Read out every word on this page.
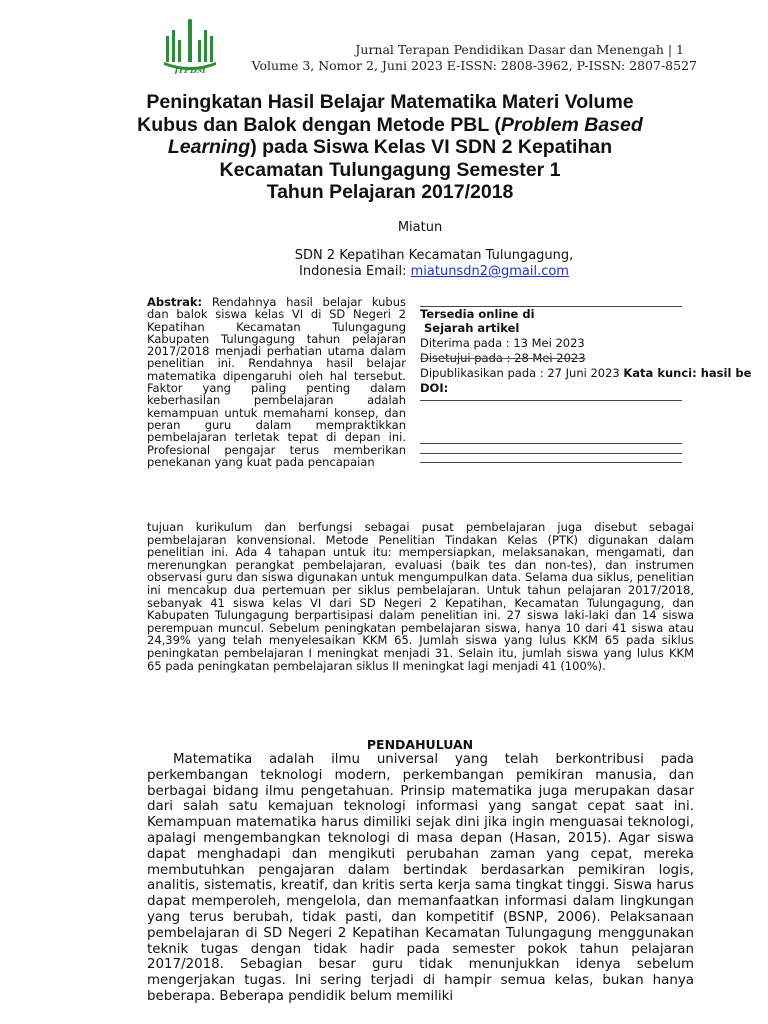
JTPDM
Jurnal Terapan Pendidikan Dasar dan Menengah | 1
Volume 3, Nomor 2, Juni 2023 E-ISSN: 2808-3962, P-ISSN: 2807-8527
Peningkatan Hasil Belajar Matematika Materi Volume Kubus dan Balok dengan Metode PBL (Problem Based Learning) pada Siswa Kelas VI SDN 2 Kepatihan Kecamatan Tulungagung Semester 1
Tahun Pelajaran 2017/2018
Miatun
SDN 2 Kepatihan Kecamatan Tulungagung,
Indonesia Email: miatunsdn2@gmail.com
Abstrak: Rendahnya hasil belajar kubus dan balok siswa kelas VI di SD Negeri 2 Kepatihan Kecamatan Tulungagung Kabupaten Tulungagung tahun pelajaran 2017/2018 menjadi perhatian utama dalam penelitian ini. Rendahnya hasil belajar matematika dipengaruhi oleh hal tersebut. Faktor yang paling penting dalam keberhasilan pembelajaran adalah kemampuan untuk memahami konsep, dan peran guru dalam mempraktikkan pembelajaran terletak tepat di depan ini. Profesional pengajar terus memberikan penekanan yang kuat pada pencapaian
Tersedia online di
Sejarah artikel
Diterima pada : 13 Mei 2023
Disetujui pada : 28 Mei 2023
Dipublikasikan pada : 27 Juni 2023 Kata kunci: hasil be
DOI:
tujuan kurikulum dan berfungsi sebagai pusat pembelajaran juga disebut sebagai pembelajaran konvensional. Metode Penelitian Tindakan Kelas (PTK) digunakan dalam penelitian ini. Ada 4 tahapan untuk itu: mempersiapkan, melaksanakan, mengamati, dan merenungkan perangkat pembelajaran, evaluasi (baik tes dan non-tes), dan instrumen observasi guru dan siswa digunakan untuk mengumpulkan data. Selama dua siklus, penelitian ini mencakup dua pertemuan per siklus pembelajaran. Untuk tahun pelajaran 2017/2018, sebanyak 41 siswa kelas VI dari SD Negeri 2 Kepatihan, Kecamatan Tulungagung, dan Kabupaten Tulungagung berpartisipasi dalam penelitian ini. 27 siswa laki-laki dan 14 siswa perempuan muncul. Sebelum peningkatan pembelajaran siswa, hanya 10 dari 41 siswa atau 24,39% yang telah menyelesaikan KKM 65. Jumlah siswa yang lulus KKM 65 pada siklus peningkatan pembelajaran I meningkat menjadi 31. Selain itu, jumlah siswa yang lulus KKM 65 pada peningkatan pembelajaran siklus II meningkat lagi menjadi 41 (100%).
PENDAHULUAN
Matematika adalah ilmu universal yang telah berkontribusi pada perkembangan teknologi modern, perkembangan pemikiran manusia, dan berbagai bidang ilmu pengetahuan. Prinsip matematika juga merupakan dasar dari salah satu kemajuan teknologi informasi yang sangat cepat saat ini. Kemampuan matematika harus dimiliki sejak dini jika ingin menguasai teknologi, apalagi mengembangkan teknologi di masa depan (Hasan, 2015). Agar siswa dapat menghadapi dan mengikuti perubahan zaman yang cepat, mereka membutuhkan pengajaran dalam bertindak berdasarkan pemikiran logis, analitis, sistematis, kreatif, dan kritis serta kerja sama tingkat tinggi. Siswa harus dapat memperoleh, mengelola, dan memanfaatkan informasi dalam lingkungan yang terus berubah, tidak pasti, dan kompetitif (BSNP, 2006). Pelaksanaan pembelajaran di SD Negeri 2 Kepatihan Kecamatan Tulungagung menggunakan teknik tugas dengan tidak hadir pada semester pokok tahun pelajaran 2017/2018. Sebagian besar guru tidak menunjukkan idenya sebelum mengerjakan tugas. Ini sering terjadi di hampir semua kelas, bukan hanya beberapa. Beberapa pendidik belum memiliki
